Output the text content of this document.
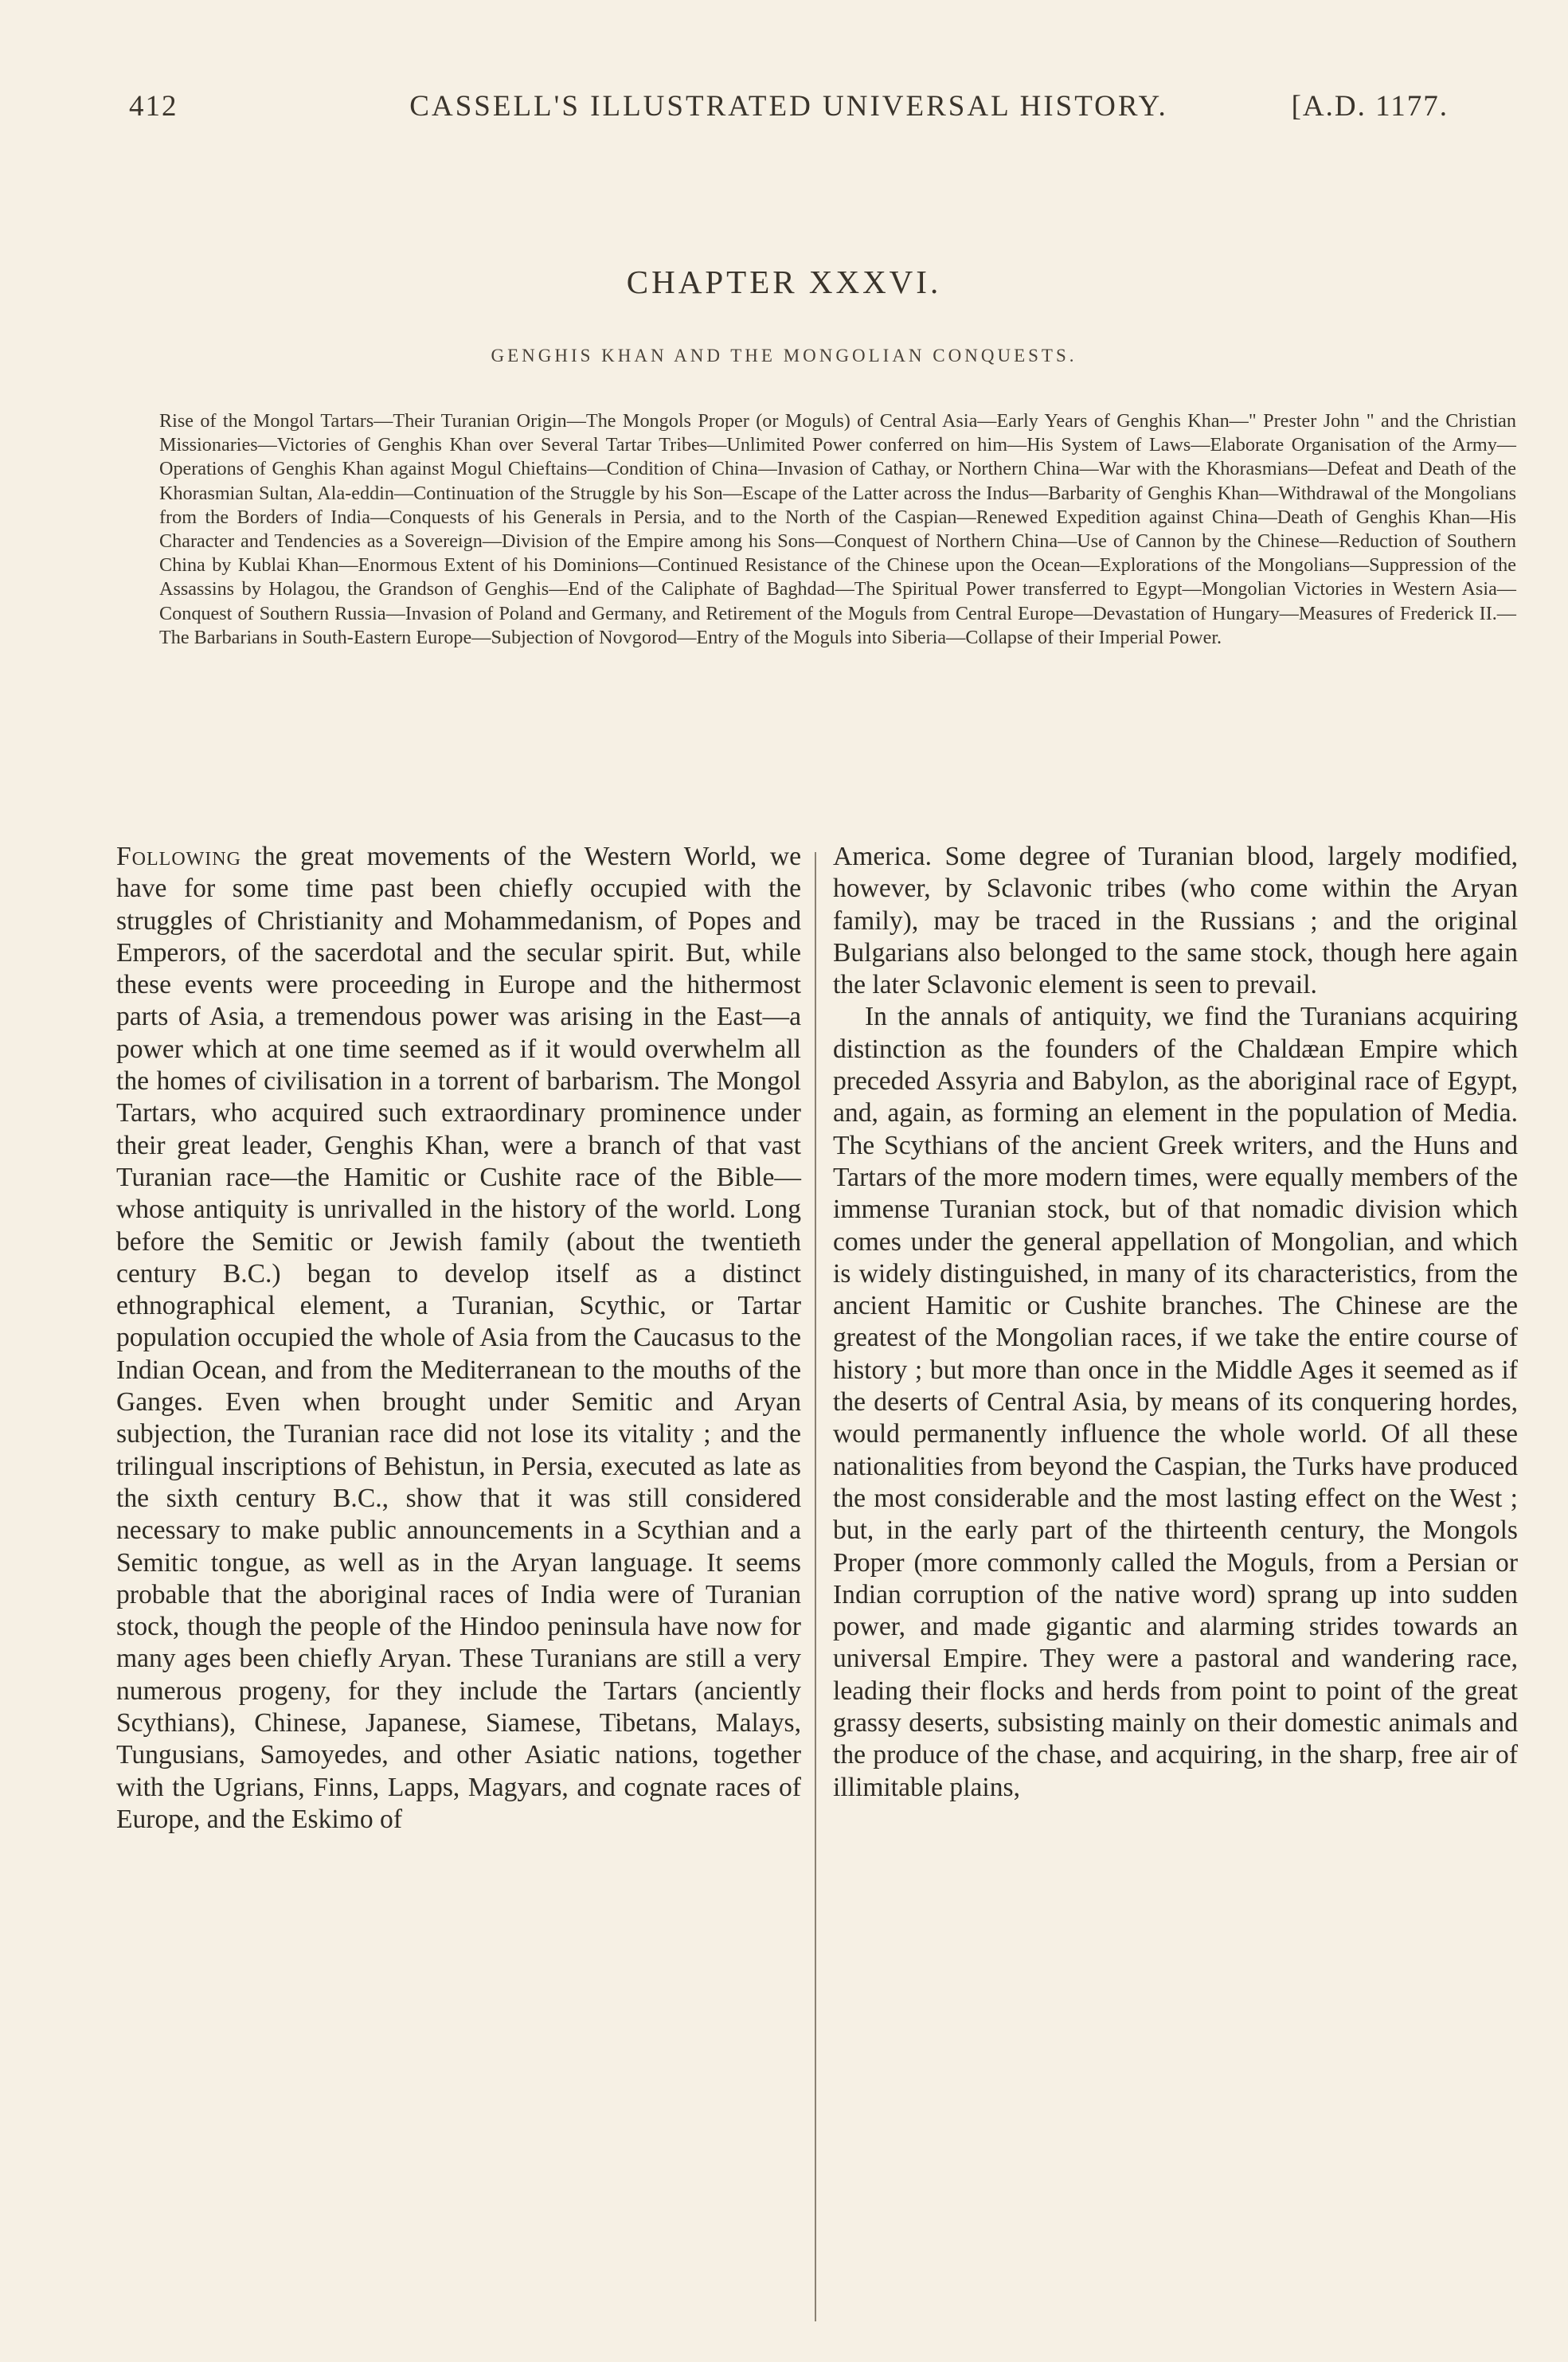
412	CASSELL'S ILLUSTRATED UNIVERSAL HISTORY.	[A.D. 1177.
CHAPTER XXXVI.
GENGHIS KHAN AND THE MONGOLIAN CONQUESTS.
Rise of the Mongol Tartars—Their Turanian Origin—The Mongols Proper (or Moguls) of Central Asia—Early Years of Genghis Khan—" Prester John " and the Christian Missionaries—Victories of Genghis Khan over Several Tartar Tribes—Unlimited Power conferred on him—His System of Laws—Elaborate Organisation of the Army—Operations of Genghis Khan against Mogul Chieftains—Condition of China—Invasion of Cathay, or Northern China—War with the Khorasmians—Defeat and Death of the Khorasmian Sultan, Ala-eddin—Continuation of the Struggle by his Son—Escape of the Latter across the Indus—Barbarity of Genghis Khan—Withdrawal of the Mongolians from the Borders of India—Conquests of his Generals in Persia, and to the North of the Caspian—Renewed Expedition against China—Death of Genghis Khan—His Character and Tendencies as a Sovereign—Division of the Empire among his Sons—Conquest of Northern China—Use of Cannon by the Chinese—Reduction of Southern China by Kublai Khan—Enormous Extent of his Dominions—Continued Resistance of the Chinese upon the Ocean—Explorations of the Mongolians—Suppression of the Assassins by Holagou, the Grandson of Genghis—End of the Caliphate of Baghdad—The Spiritual Power transferred to Egypt—Mongolian Victories in Western Asia—Conquest of Southern Russia—Invasion of Poland and Germany, and Retirement of the Moguls from Central Europe—Devastation of Hungary—Measures of Frederick II.—The Barbarians in South-Eastern Europe—Subjection of Novgorod—Entry of the Moguls into Siberia—Collapse of their Imperial Power.

Following the great movements of the Western World, we have for some time past been chiefly occupied with the struggles of Christianity and Mohammedanism, of Popes and Emperors, of the sacerdotal and the secular spirit. But, while these events were proceeding in Europe and the hithermost parts of Asia, a tremendous power was arising in the East—a power which at one time seemed as if it would overwhelm all the homes of civilisation in a torrent of barbarism. The Mongol Tartars, who acquired such extraordinary prominence under their great leader, Genghis Khan, were a branch of that vast Turanian race—the Hamitic or Cushite race of the Bible—whose antiquity is unrivalled in the history of the world. Long before the Semitic or Jewish family (about the twentieth century B.C.) began to develop itself as a distinct ethnographical element, a Turanian, Scythic, or Tartar population occupied the whole of Asia from the Caucasus to the Indian Ocean, and from the Mediterranean to the mouths of the Ganges. Even when brought under Semitic and Aryan subjection, the Turanian race did not lose its vitality ; and the trilingual inscriptions of Behistun, in Persia, executed as late as the sixth century B.C., show that it was still considered necessary to make public announcements in a Scythian and a Semitic tongue, as well as in the Aryan language. It seems probable that the aboriginal races of India were of Turanian stock, though the people of the Hindoo peninsula have now for many ages been chiefly Aryan. These Turanians are still a very numerous progeny, for they include the Tartars (anciently Scythians), Chinese, Japanese, Siamese, Tibetans, Malays, Tungusians, Samoyedes, and other Asiatic nations, together with the Ugrians, Finns, Lapps, Magyars, and cognate races of Europe, and the Eskimo of

America. Some degree of Turanian blood, largely modified, however, by Sclavonic tribes (who come within the Aryan family), may be traced in the Russians ; and the original Bulgarians also belonged to the same stock, though here again the later Sclavonic element is seen to prevail.

In the annals of antiquity, we find the Turanians acquiring distinction as the founders of the Chaldæan Empire which preceded Assyria and Babylon, as the aboriginal race of Egypt, and, again, as forming an element in the population of Media. The Scythians of the ancient Greek writers, and the Huns and Tartars of the more modern times, were equally members of the immense Turanian stock, but of that nomadic division which comes under the general appellation of Mongolian, and which is widely distinguished, in many of its characteristics, from the ancient Hamitic or Cushite branches. The Chinese are the greatest of the Mongolian races, if we take the entire course of history ; but more than once in the Middle Ages it seemed as if the deserts of Central Asia, by means of its conquering hordes, would permanently influence the whole world. Of all these nationalities from beyond the Caspian, the Turks have produced the most considerable and the most lasting effect on the West ; but, in the early part of the thirteenth century, the Mongols Proper (more commonly called the Moguls, from a Persian or Indian corruption of the native word) sprang up into sudden power, and made gigantic and alarming strides towards an universal Empire. They were a pastoral and wandering race, leading their flocks and herds from point to point of the great grassy deserts, subsisting mainly on their domestic animals and the produce of the chase, and acquiring, in the sharp, free air of illimitable plains,
